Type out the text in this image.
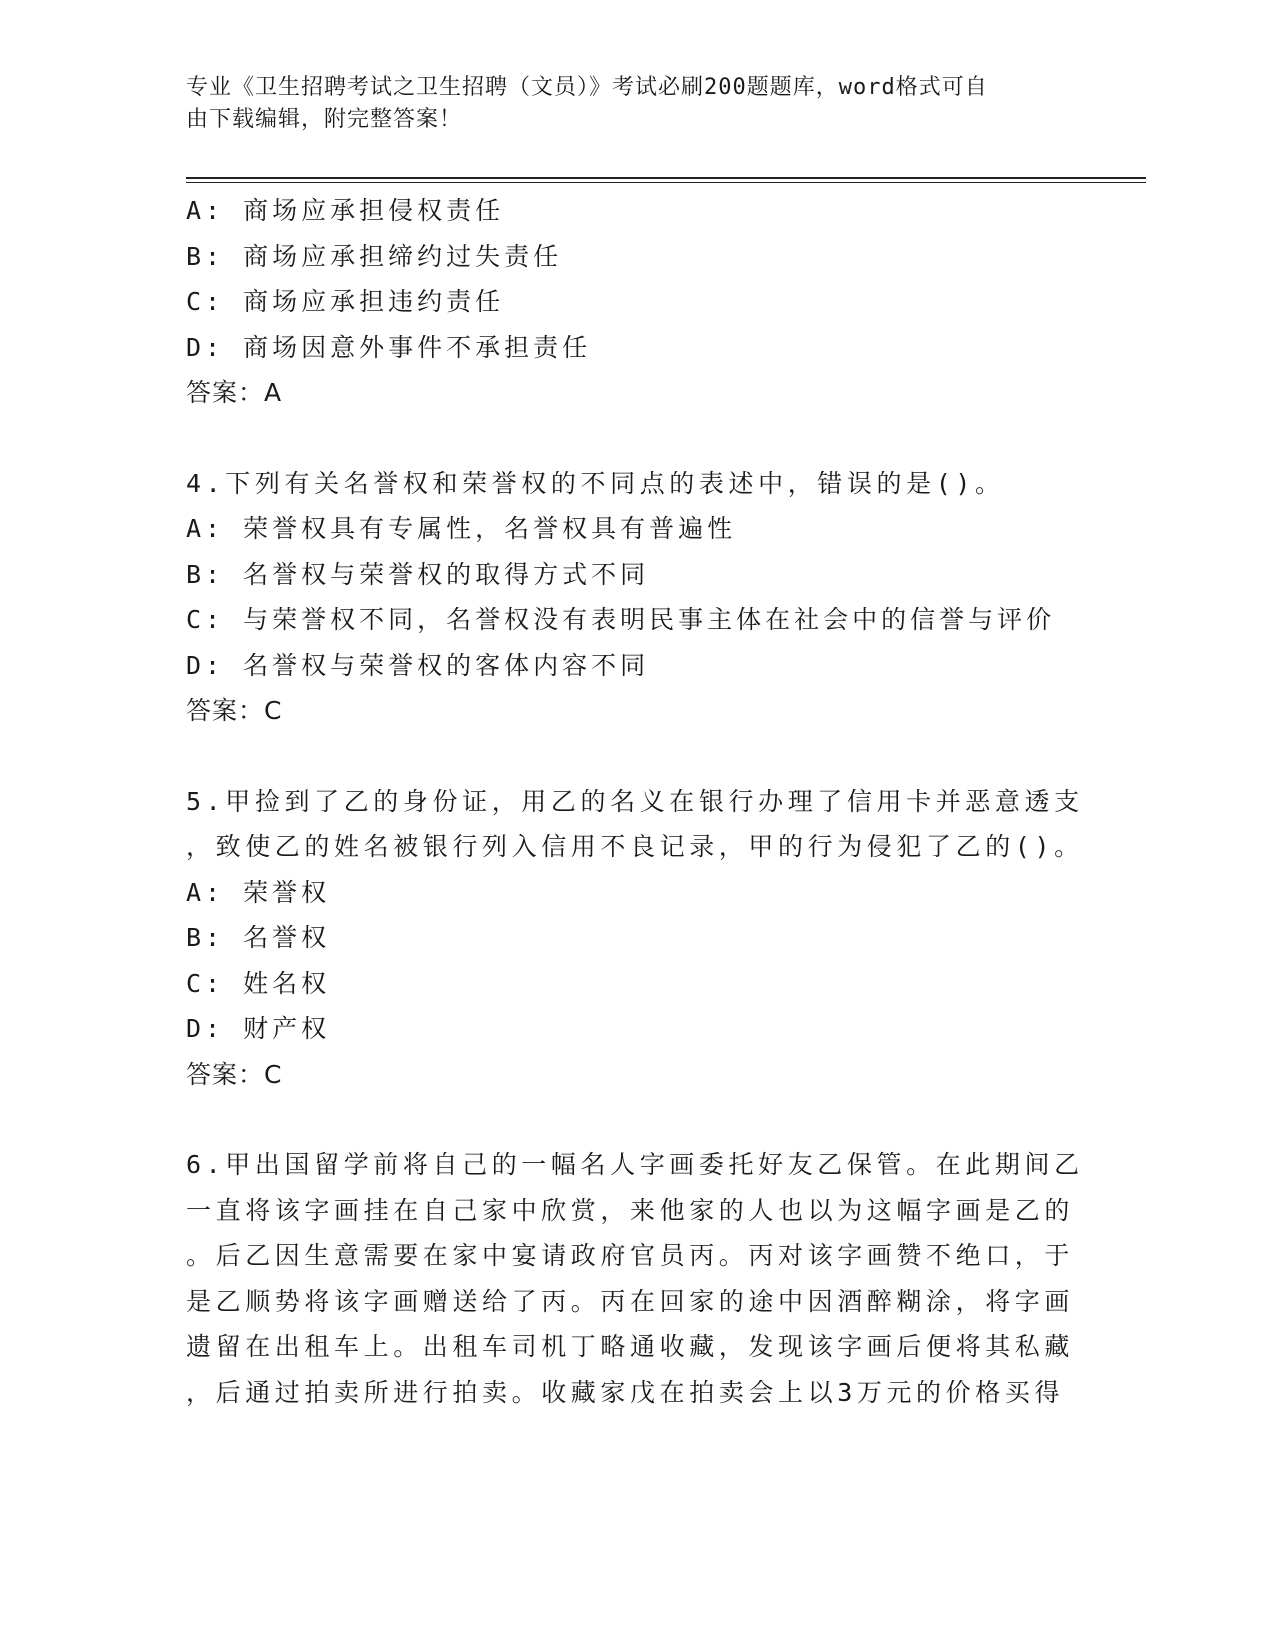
专业《卫生招聘考试之卫生招聘（文员）》考试必刷200题题库，word格式可自
由下载编辑，附完整答案！
A: 商场应承担侵权责任
B: 商场应承担缔约过失责任
C: 商场应承担违约责任
D: 商场因意外事件不承担责任
答案：A
4.下列有关名誉权和荣誉权的不同点的表述中，错误的是()。
A: 荣誉权具有专属性，名誉权具有普遍性
B: 名誉权与荣誉权的取得方式不同
C: 与荣誉权不同，名誉权没有表明民事主体在社会中的信誉与评价
D: 名誉权与荣誉权的客体内容不同
答案：C
5.甲捡到了乙的身份证，用乙的名义在银行办理了信用卡并恶意透支
，致使乙的姓名被银行列入信用不良记录，甲的行为侵犯了乙的()。
A: 荣誉权
B: 名誉权
C: 姓名权
D: 财产权
答案：C
6.甲出国留学前将自己的一幅名人字画委托好友乙保管。在此期间乙
一直将该字画挂在自己家中欣赏，来他家的人也以为这幅字画是乙的
。后乙因生意需要在家中宴请政府官员丙。丙对该字画赞不绝口，于
是乙顺势将该字画赠送给了丙。丙在回家的途中因酒醉糊涂，将字画
遗留在出租车上。出租车司机丁略通收藏，发现该字画后便将其私藏
，后通过拍卖所进行拍卖。收藏家戊在拍卖会上以3万元的价格买得
